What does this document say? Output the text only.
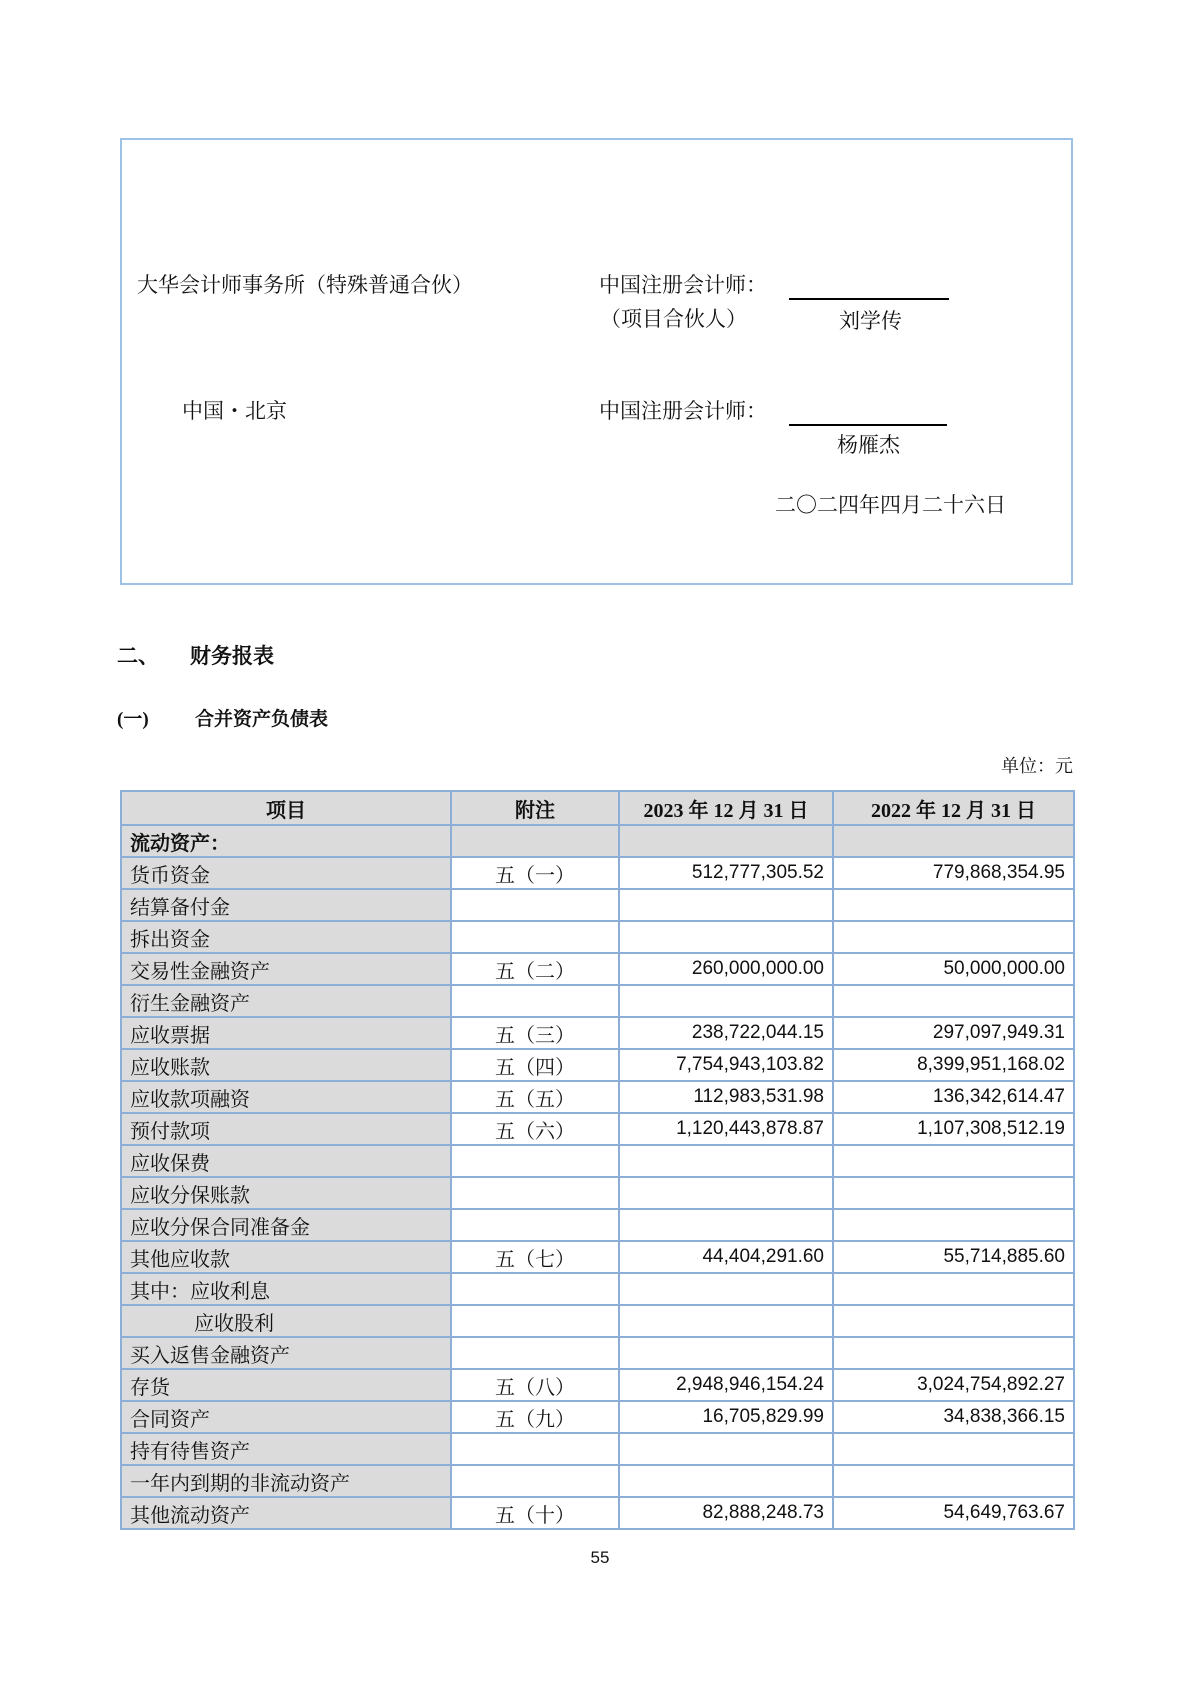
大华会计师事务所（特殊普通合伙）	中国注册会计师：
（项目合伙人）	刘学传
中国・北京	中国注册会计师：
杨雁杰
二〇二四年四月二十六日
二、 财务报表
(一) 合并资产负债表
单位：元
项目	附注	2023 年 12 月 31 日	2022 年 12 月 31 日
流动资产：			
货币资金	五（一）	512,777,305.52	779,868,354.95
结算备付金			
拆出资金			
交易性金融资产	五（二）	260,000,000.00	50,000,000.00
衍生金融资产			
应收票据	五（三）	238,722,044.15	297,097,949.31
应收账款	五（四）	7,754,943,103.82	8,399,951,168.02
应收款项融资	五（五）	112,983,531.98	136,342,614.47
预付款项	五（六）	1,120,443,878.87	1,107,308,512.19
应收保费			
应收分保账款			
应收分保合同准备金			
其他应收款	五（七）	44,404,291.60	55,714,885.60
其中：应收利息			
应收股利			
买入返售金融资产			
存货	五（八）	2,948,946,154.24	3,024,754,892.27
合同资产	五（九）	16,705,829.99	34,838,366.15
持有待售资产			
一年内到期的非流动资产			
其他流动资产	五（十）	82,888,248.73	54,649,763.67
55
